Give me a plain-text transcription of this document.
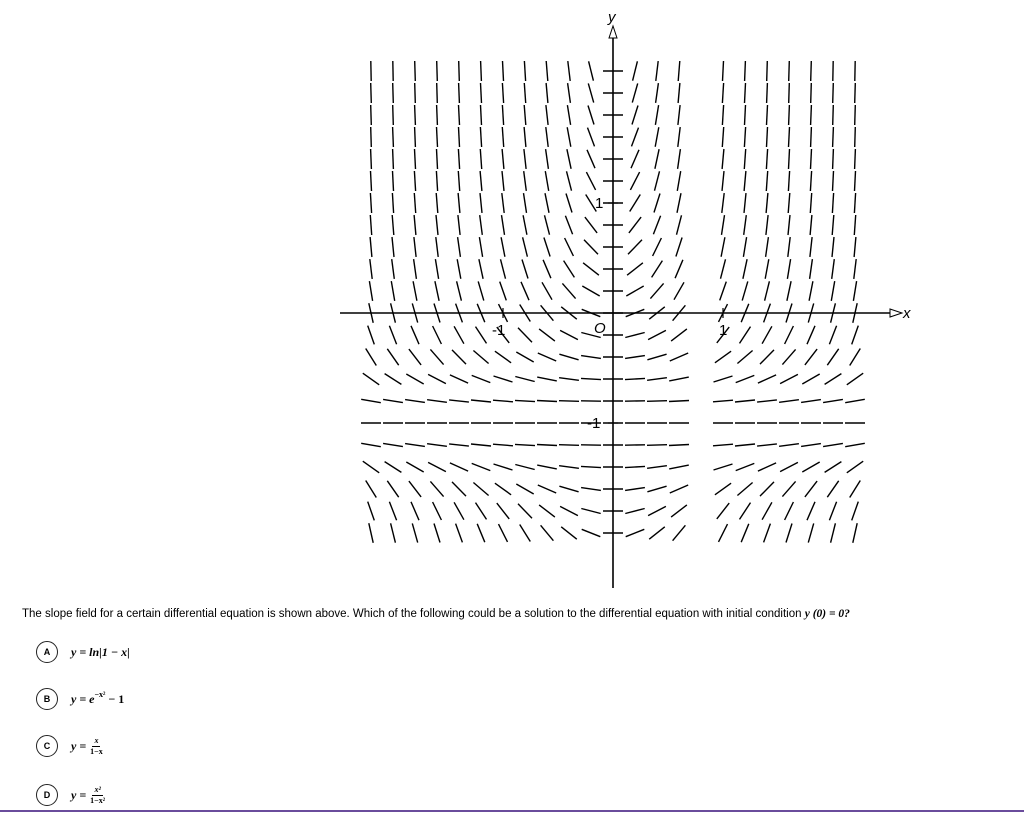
-1	1
1
-1
x
y
O
The slope field for a certain differential equation is shown above. Which of the following could be a solution to the differential equation with initial condition y (0) = 0?
A	y = ln|1 − x|
B	$y = e^{-x^2} - 1$
C	$y = \frac{x}{1-x}$
D	$y = \frac{\text{x²}}{\text{1−x²}}$
